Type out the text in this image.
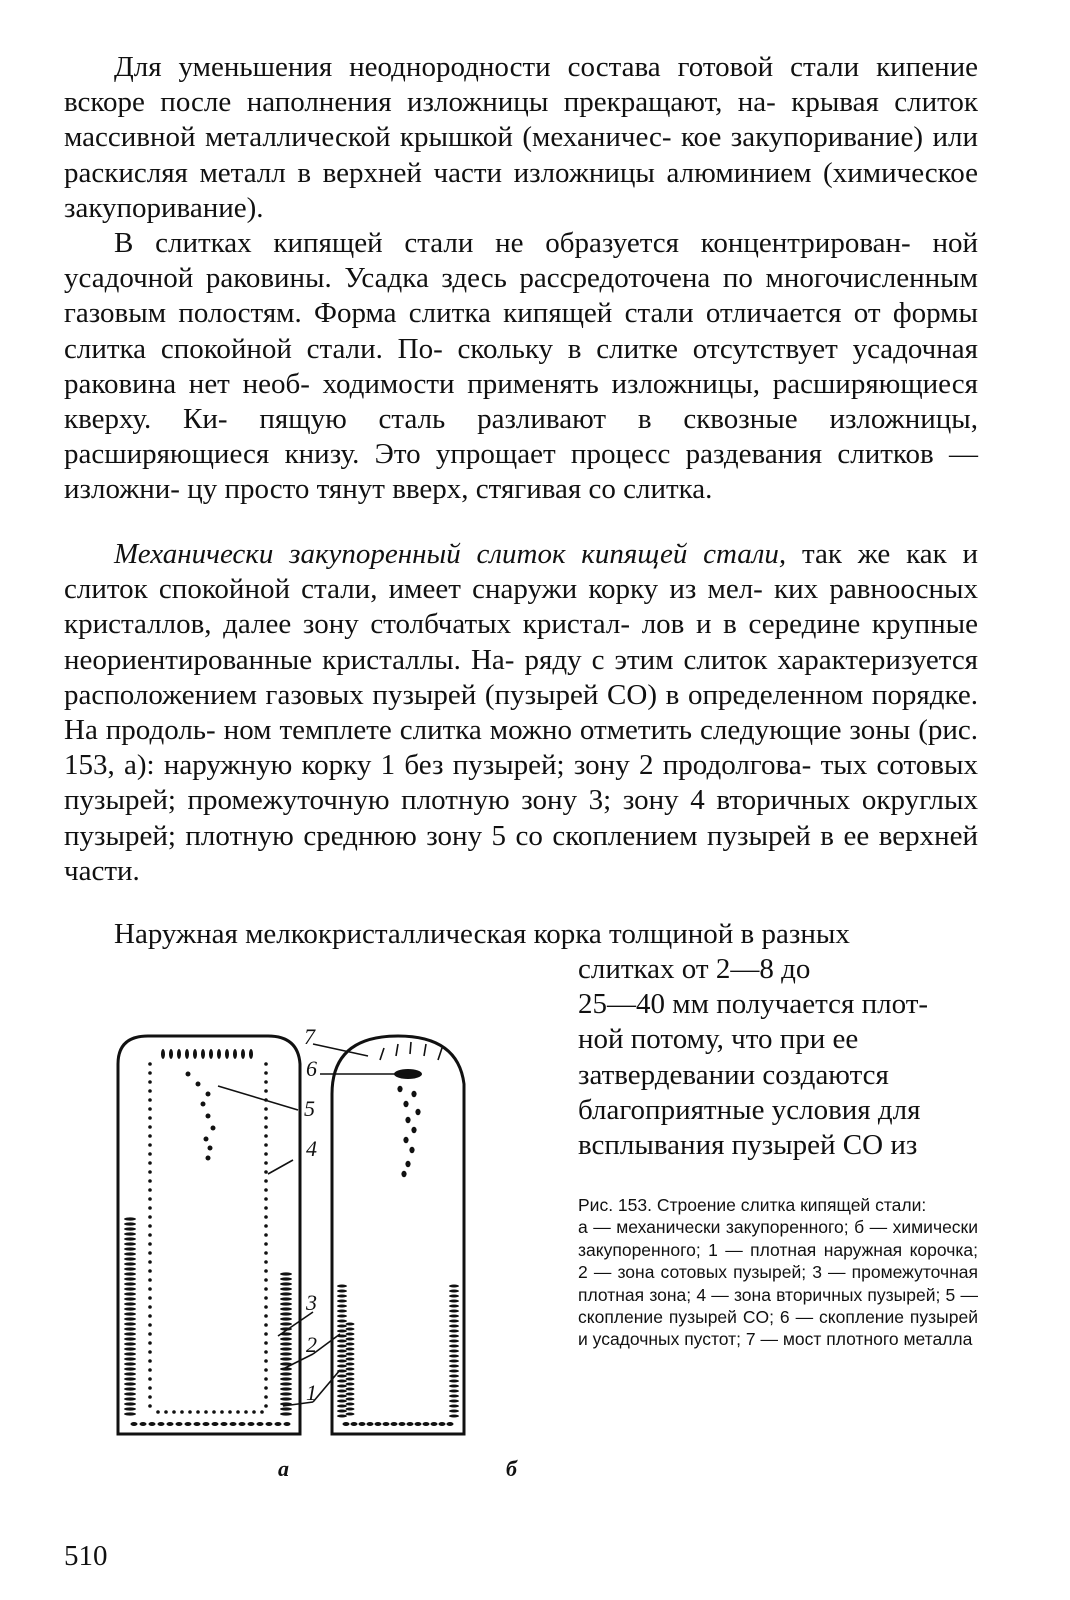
Для уменьшения неоднородности состава готовой стали кипение вскоре после наполнения изложницы прекращают, на- крывая слиток массивной металлической крышкой (механичес- кое закупоривание) или раскисляя металл в верхней части изложницы алюминием (химическое закупоривание).

В слитках кипящей стали не образуется концентрирован- ной усадочной раковины. Усадка здесь рассредоточена по многочисленным газовым полостям. Форма слитка кипящей стали отличается от формы слитка спокойной стали. По- скольку в слитке отсутствует усадочная раковина нет необ- ходимости применять изложницы, расширяющиеся кверху. Ки- пящую сталь разливают в сквозные изложницы, расширяющиеся книзу. Это упрощает процесс раздевания слитков — изложни- цу просто тянут вверх, стягивая со слитка.

Механически закупоренный слиток кипящей стали, так же как и слиток спокойной стали, имеет снаружи корку из мел- ких равноосных кристаллов, далее зону столбчатых кристал- лов и в середине крупные неориентированные кристаллы. На- ряду с этим слиток характеризуется расположением газовых пузырей (пузырей CO) в определенном порядке. На продоль- ном темплете слитка можно отметить следующие зоны (рис. 153, а): наружную корку 1 без пузырей; зону 2 продолгова- тых сотовых пузырей; промежуточную плотную зону 3; зону 4 вторичных округлых пузырей; плотную среднюю зону 5 со скоплением пузырей в ее верхней части.

Наружная мелкокристаллическая корка толщиной в разных
слитках от 2—8 до
25—40 мм получается плот-
ной потому, что при ее
затвердевании создаются
благоприятные условия для
всплывания пузырей CO из
7
6
5
4
3
2
1
а	б
Рис. 153. Строение слитка кипящей стали:
а — механически закупоренного; б — химически закупоренного; 1 — плотная наружная корочка; 2 — зона сотовых пузырей; 3 — промежуточная плотная зона; 4 — зона вторичных пузырей; 5 — скопление пузырей CO; 6 — скопление пузырей и усадочных пустот; 7 — мост плотного металла
510
